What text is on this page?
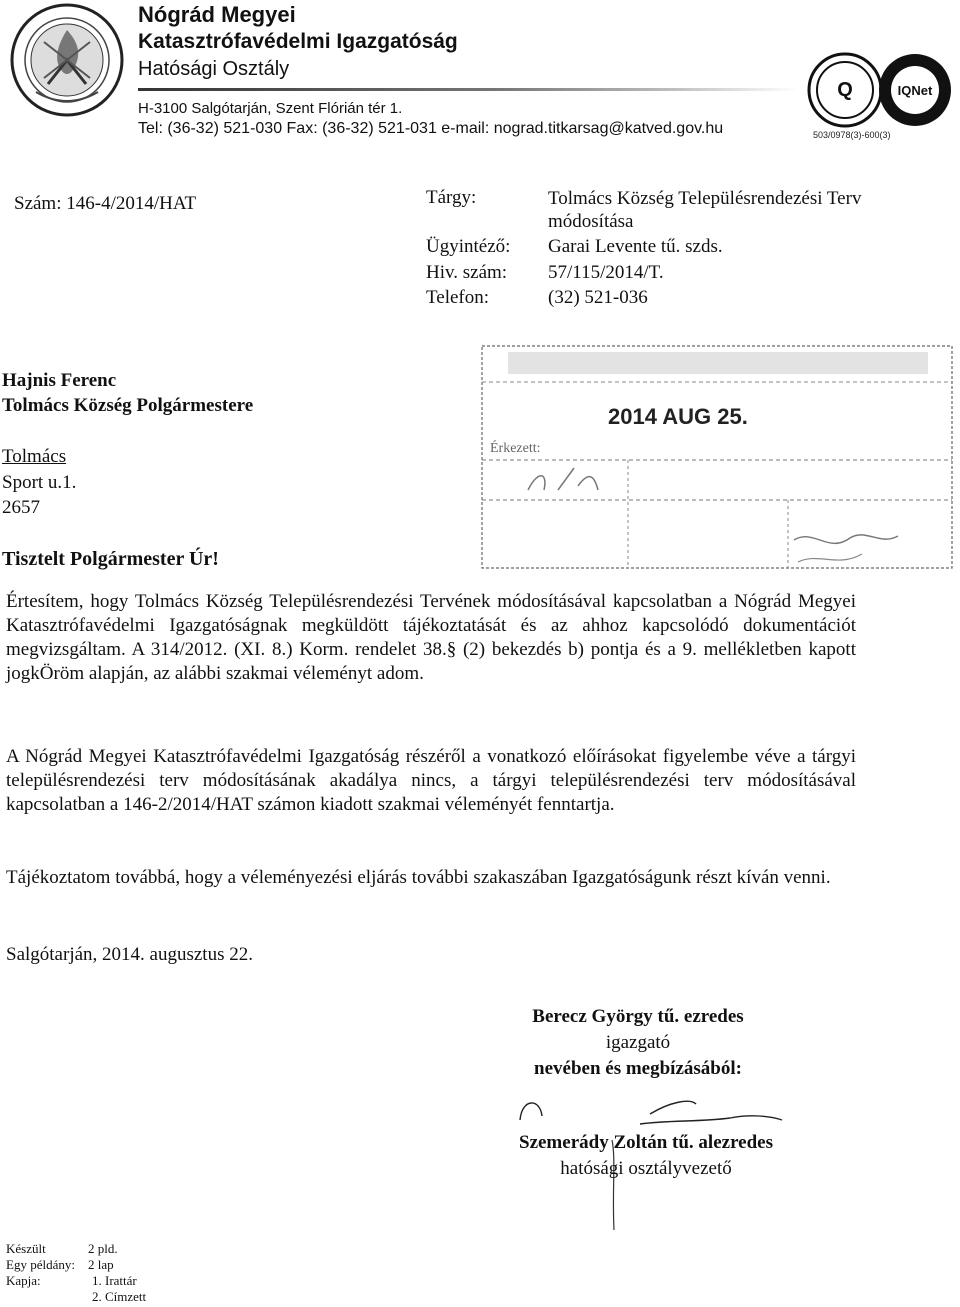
Nógrád Megyei
Katasztrófavédelmi Igazgatóság
Hatósági Osztály
H-3100 Salgótarján, Szent Flórián tér 1.
Tel: (36-32) 521-030 Fax: (36-32) 521-031 e-mail: nograd.titkarsag@katved.gov.hu
Q	IQNet
503/0978(3)-600(3)
Szám: 146-4/2014/HAT	Tárgy:	Tolmács Község Településrendezési Terv módosítása
Ügyintéző: Garai Levente tű. szds.
Hiv. szám: 57/115/2014/T.
Telefon:	(32) 521-036
Hajnis Ferenc
Tolmács Község Polgármestere
Tolmács
Sport u.1.
2657
2014 AUG 25.
Érkezett:
Tisztelt Polgármester Úr!
Értesítem, hogy Tolmács Község Településrendezési Tervének módosításával kapcsolatban a Nógrád Megyei Katasztrófavédelmi Igazgatóságnak megküldött tájékoztatását és az ahhoz kapcsolódó dokumentációt megvizsgáltam. A 314/2012. (XI. 8.) Korm. rendelet 38.§ (2) bekezdés b) pontja és a 9. mellékletben kapott jogkÖröm alapján, az alábbi szakmai véleményt adom.
A Nógrád Megyei Katasztrófavédelmi Igazgatóság részéről a vonatkozó előírásokat figyelembe véve a tárgyi településrendezési terv módosításának akadálya nincs, a tárgyi településrendezési terv módosításával kapcsolatban a 146-2/2014/HAT számon kiadott szakmai véleményét fenntartja.
Tájékoztatom továbbá, hogy a véleményezési eljárás további szakaszában Igazgatóságunk részt kíván venni.
Salgótarján, 2014. augusztus 22.
Berecz György tű. ezredes
igazgató
nevében és megbízásából:
Szemerády Zoltán tű. alezredes
hatósági osztályvezető
Készült	2 pld.
Egy példány: 2 lap
Kapja:	1. Irattár
2. Címzett
